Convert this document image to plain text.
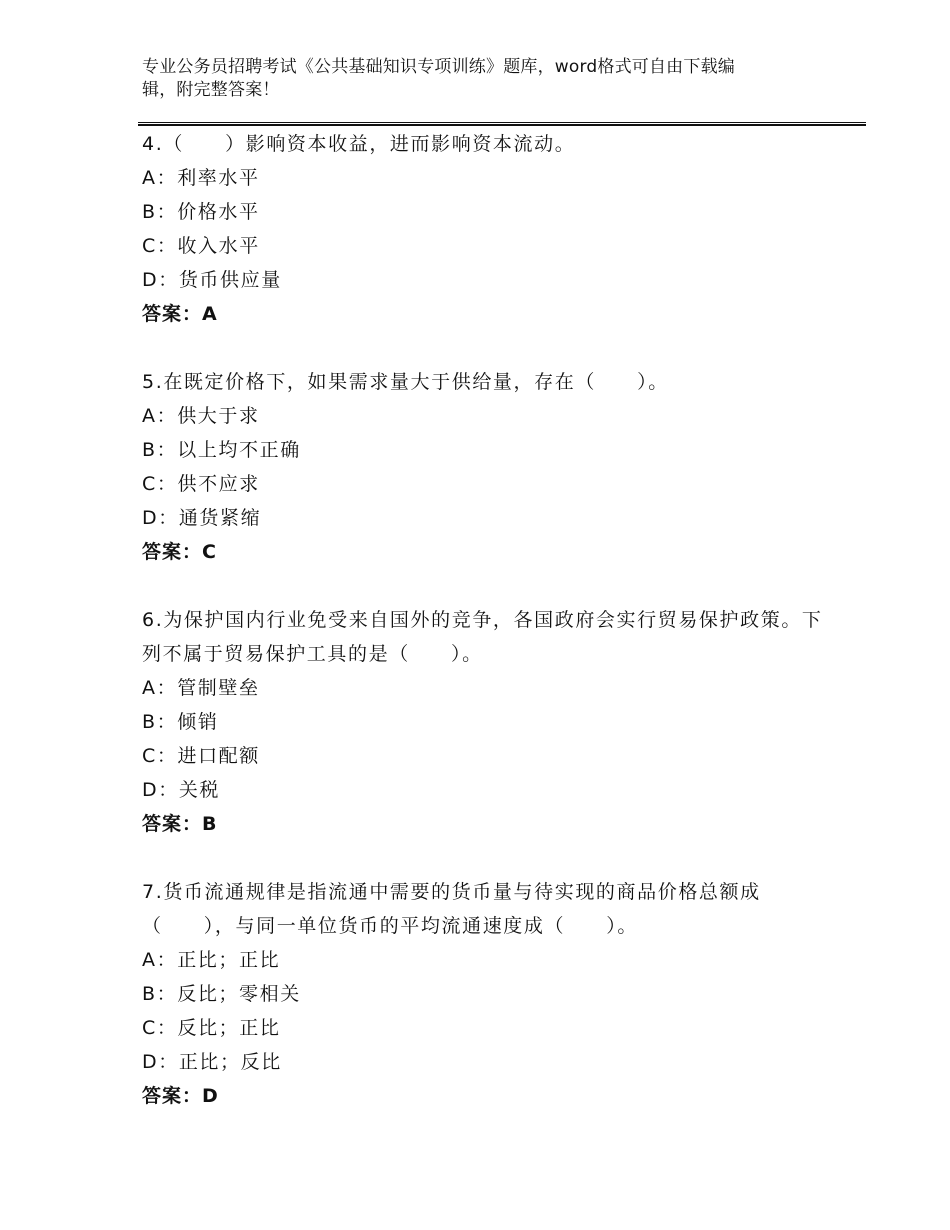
专业公务员招聘考试《公共基础知识专项训练》题库，word格式可自由下载编
辑，附完整答案！

4.（　　）影响资本收益，进而影响资本流动。

A：利率水平

B：价格水平

C：收入水平

D：货币供应量

答案：A

5.在既定价格下，如果需求量大于供给量，存在（　　）。

A：供大于求

B：以上均不正确

C：供不应求

D：通货紧缩

答案：C

6.为保护国内行业免受来自国外的竞争，各国政府会实行贸易保护政策。下列不属于贸易保护工具的是（　　）。

A：管制壁垒

B：倾销

C：进口配额

D：关税

答案：B

7.货币流通规律是指流通中需要的货币量与待实现的商品价格总额成（　　），与同一单位货币的平均流通速度成（　　）。

A：正比；正比

B：反比；零相关

C：反比；正比

D：正比；反比

答案：D
